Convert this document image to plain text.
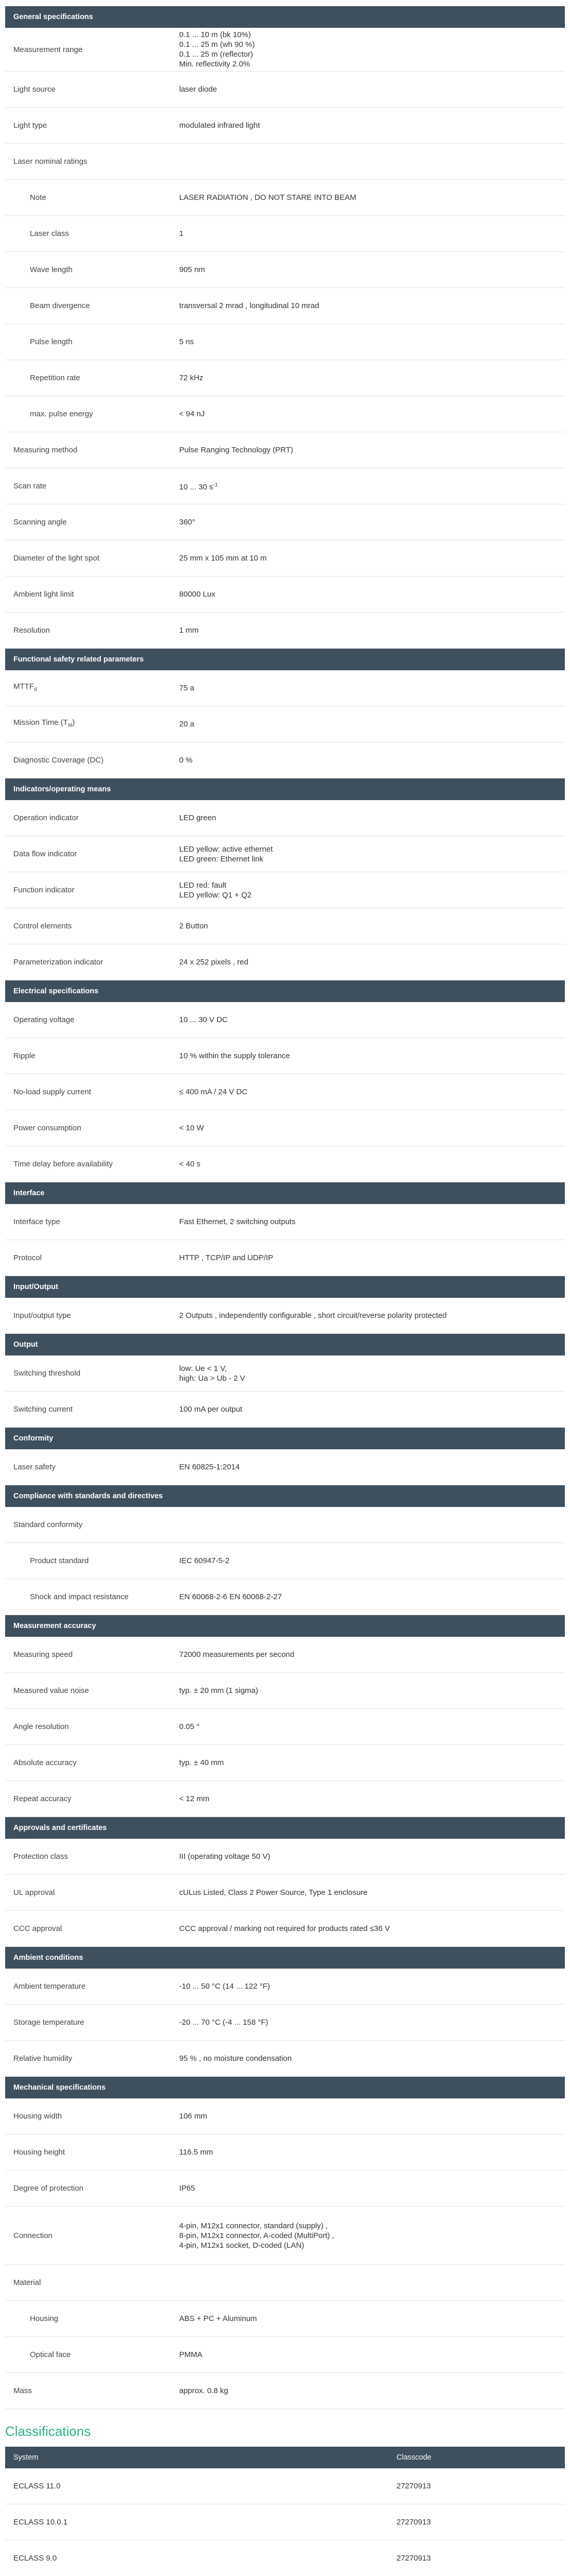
General specifications	
Measurement range	0.1 ... 10 m (bk 10%)
0.1 ... 25 m (wh 90 %)
0.1 ... 25 m (reflector)
Min. reflectivity 2.0%

Light source	laser diode
Light type	modulated infrared light
Laser nominal ratings	
Note	LASER RADIATION , DO NOT STARE INTO BEAM
Laser class	1
Wave length	905 nm
Beam divergence	transversal 2 mrad , longitudinal 10 mrad
Pulse length	5 ns
Repetition rate	72 kHz
max. pulse energy	< 94 nJ
Measuring method	Pulse Ranging Technology (PRT)
Scan rate	10 ... 30 $s^{-1}$
Scanning angle	360°
Diameter of the light spot	25 mm x 105 mm at 10 m
Ambient light limit	80000 Lux
Resolution	1 mm
Functional safety related parameters	
$MTTF_d$	75 a
Mission Time $(T_M)$	20 a
Diagnostic Coverage (DC)	0 %
Indicators/operating means	
Operation indicator	LED green
Data flow indicator	LED yellow: active ethernet
LED green: Ethernet link

Function indicator	LED red: fault
LED yellow: Q1 + Q2

Control elements	2 Button
Parameterization indicator	24 x 252 pixels , red
Electrical specifications	
Operating voltage	10 ... 30 V DC
Ripple	10 % within the supply tolerance
No-load supply current	≤ 400 mA / 24 V DC
Power consumption	< 10 W
Time delay before availability	< 40 s
Interface	
Interface type	Fast Ethernet, 2 switching outputs
Protocol	HTTP , TCP/IP and UDP/IP
Input/Output	
Input/output type	2 Outputs , independently configurable , short circuit/reverse polarity protected
Output	
Switching threshold	low: Ue < 1 V,
high: Ua > Ub - 2 V

Switching current	100 mA per output
Conformity	
Laser safety	EN 60825-1:2014
Compliance with standards and directives	
Standard conformity	
Product standard	IEC 60947-5-2
Shock and impact resistance	EN 60068-2-6 EN 60068-2-27
Measurement accuracy	
Measuring speed	72000 measurements per second
Measured value noise	typ. ± 20 mm (1 sigma)
Angle resolution	0.05 °
Absolute accuracy	typ. ± 40 mm
Repeat accuracy	< 12 mm
Approvals and certificates	
Protection class	III (operating voltage 50 V)
UL approval	cULus Listed, Class 2 Power Source, Type 1 enclosure
CCC approval	CCC approval / marking not required for products rated ≤36 V
Ambient conditions	
Ambient temperature	-10 ... 50 °C (14 ... 122 °F)
Storage temperature	-20 ... 70 °C (-4 ... 158 °F)
Relative humidity	95 % , no moisture condensation
Mechanical specifications	
Housing width	106 mm
Housing height	116.5 mm
Degree of protection	IP65
Connection	4-pin, M12x1 connector, standard (supply) ,
8-pin, M12x1 connector, A-coded (MultiPort) ,
4-pin, M12x1 socket, D-coded (LAN)

Material	
Housing	ABS + PC + Aluminum
Optical face	PMMA
Mass	approx. 0.8 kg
Classifications
System	Classcode
ECLASS 11.0	27270913
ECLASS 10.0.1	27270913
ECLASS 9.0	27270913
